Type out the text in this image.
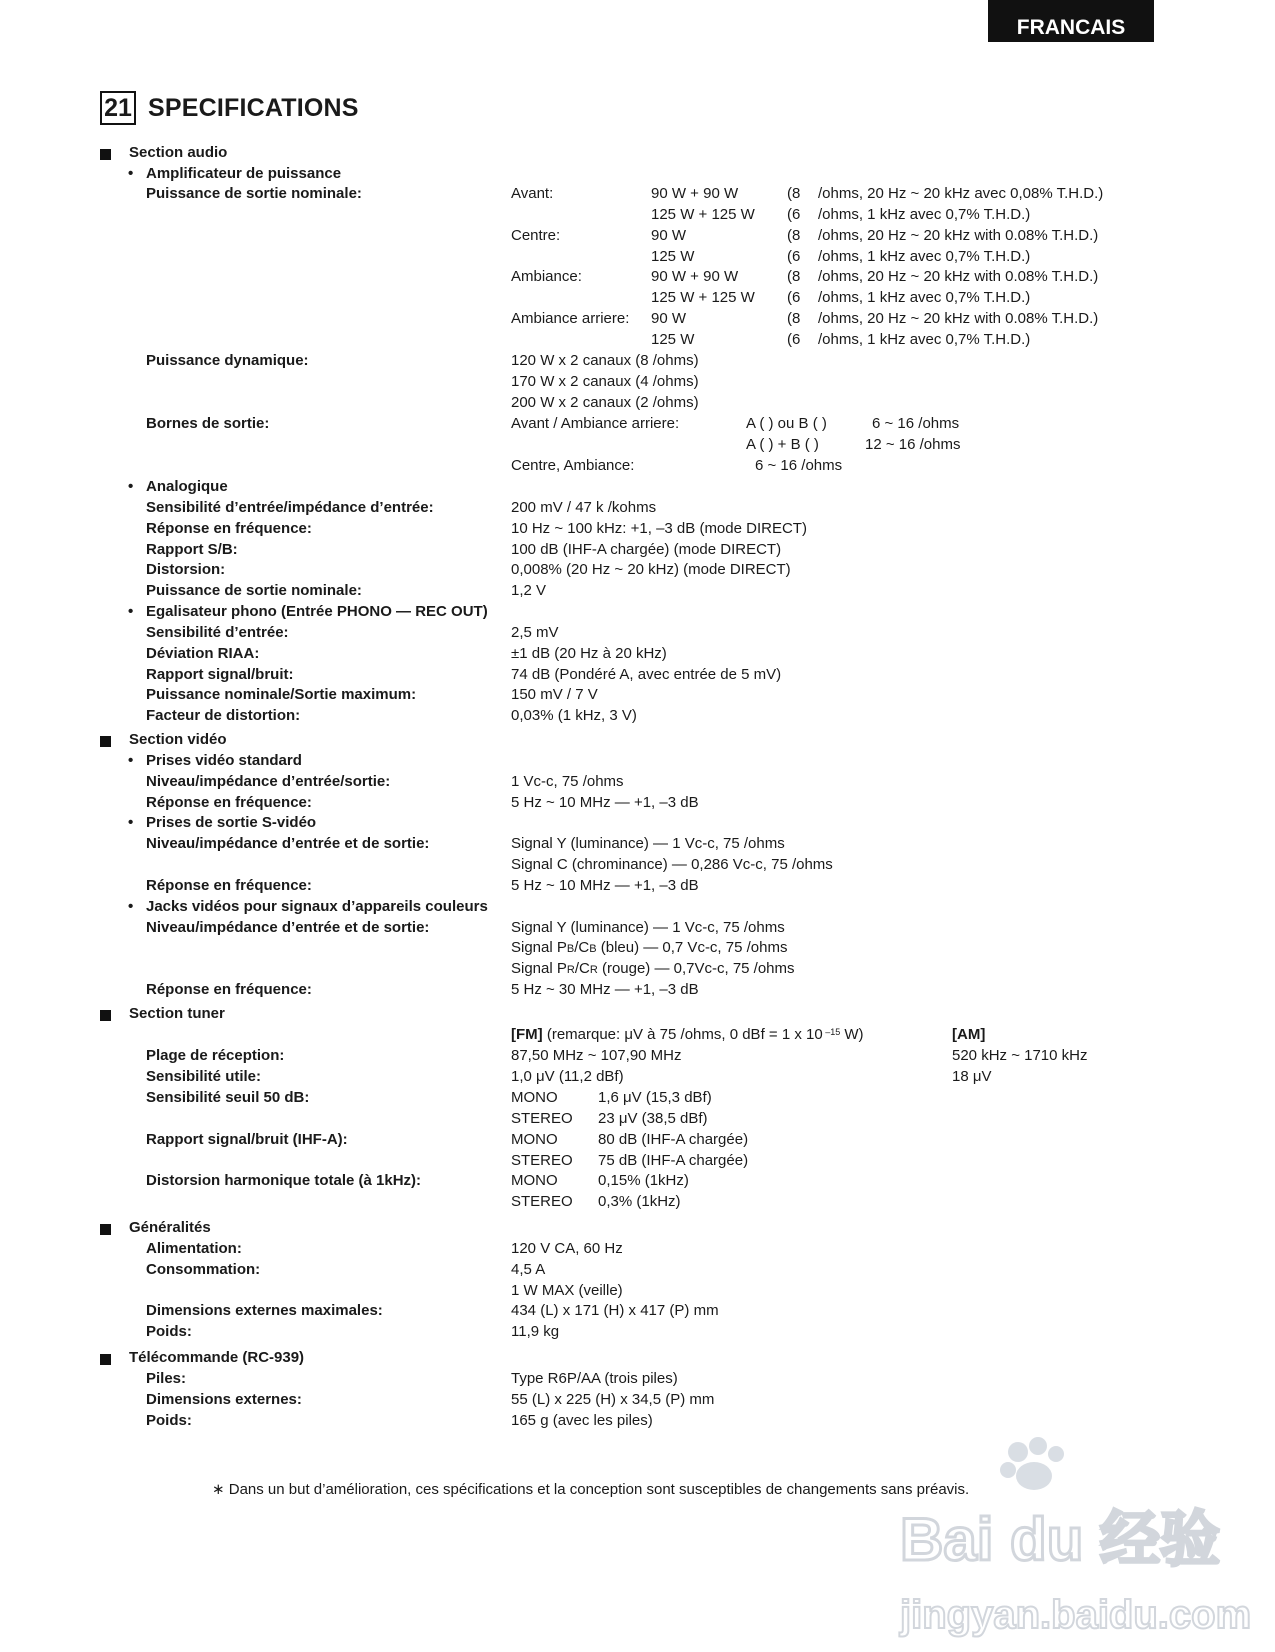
FRANCAIS
21 SPECIFICATIONS
Section audio
• Amplificateur de puissance
Puissance de sortie nominale:	Avant:	90 W + 90 W	(8 /ohms, 20 Hz ~ 20 kHz avec 0,08% T.H.D.)
125 W + 125 W (6 /ohms, 1 kHz avec 0,7% T.H.D.)
Centre:	90 W	(8 /ohms, 20 Hz ~ 20 kHz with 0.08% T.H.D.)
125 W	(6 /ohms, 1 kHz avec 0,7% T.H.D.)
Ambiance:	90 W + 90 W	(8 /ohms, 20 Hz ~ 20 kHz with 0.08% T.H.D.)
125 W + 125 W (6 /ohms, 1 kHz avec 0,7% T.H.D.)
Ambiance arriere: 90 W	(8 /ohms, 20 Hz ~ 20 kHz with 0.08% T.H.D.)
125 W	(6 /ohms, 1 kHz avec 0,7% T.H.D.)
Puissance dynamique:	120 W x 2 canaux (8 /ohms)
170 W x 2 canaux (4 /ohms)
200 W x 2 canaux (2 /ohms)
Bornes de sortie:	Avant / Ambiance arriere:	A ( ) ou B ( )	6 ~ 16 /ohms
A ( ) + B ( )	12 ~ 16 /ohms
Centre, Ambiance:	6 ~ 16 /ohms
• Analogique
Sensibilité d’entrée/impédance d’entrée:	200 mV / 47 k /kohms
Réponse en fréquence:	10 Hz ~ 100 kHz: +1, –3 dB (mode DIRECT)
Rapport S/B:	100 dB (IHF-A chargée) (mode DIRECT)
Distorsion:	0,008% (20 Hz ~ 20 kHz) (mode DIRECT)
Puissance de sortie nominale:	1,2 V
• Egalisateur phono (Entrée PHONO — REC OUT)
Sensibilité d’entrée:	2,5 mV
Déviation RIAA:	±1 dB (20 Hz à 20 kHz)
Rapport signal/bruit:	74 dB (Pondéré A, avec entrée de 5 mV)
Puissance nominale/Sortie maximum:	150 mV / 7 V
Facteur de distortion:	0,03% (1 kHz, 3 V)
Section vidéo
• Prises vidéo standard
Niveau/impédance d’entrée/sortie:	1 Vc-c, 75 /ohms
Réponse en fréquence:	5 Hz ~ 10 MHz — +1, –3 dB
• Prises de sortie S-vidéo
Niveau/impédance d’entrée et de sortie:	Signal Y (luminance) — 1 Vc-c, 75 /ohms
Signal C (chrominance) — 0,286 Vc-c, 75 /ohms
Réponse en fréquence:	5 Hz ~ 10 MHz — +1, –3 dB
• Jacks vidéos pour signaux d’appareils couleurs
Niveau/impédance d’entrée et de sortie:	Signal Y (luminance) — 1 Vc-c, 75 /ohms
Signal PB/CB (bleu) — 0,7 Vc-c, 75 /ohms
Signal PR/CR (rouge) — 0,7Vc-c, 75 /ohms
Réponse en fréquence:	5 Hz ~ 30 MHz — +1, –3 dB
Section tuner
[FM] (remarque: μV à 75 /ohms, 0 dBf = 1 x 10 $^{-15}$ W)	[AM]
Plage de réception:	87,50 MHz ~ 107,90 MHz	520 kHz ~ 1710 kHz
Sensibilité utile:	1,0 μV (11,2 dBf)	18 μV
Sensibilité seuil 50 dB:	MONO	1,6 μV (15,3 dBf)
STEREO 23 μV (38,5 dBf)
Rapport signal/bruit (IHF-A):	MONO	80 dB (IHF-A chargée)
STEREO 75 dB (IHF-A chargée)
Distorsion harmonique totale (à 1kHz):	MONO	0,15% (1kHz)
STEREO 0,3% (1kHz)
Généralités
Alimentation:	120 V CA, 60 Hz
Consommation:	4,5 A
1 W MAX (veille)
Dimensions externes maximales:	434 (L) x 171 (H) x 417 (P) mm
Poids:	11,9 kg
Télécommande (RC-939)
Piles:	Type R6P/AA (trois piles)
Dimensions externes:	55 (L) x 225 (H) x 34,5 (P) mm
Poids:	165 g (avec les piles)
∗ Dans un but d’amélioration, ces spécifications et la conception sont susceptibles de changements sans préavis.
Bai du 经验
jingyan.baidu.com
